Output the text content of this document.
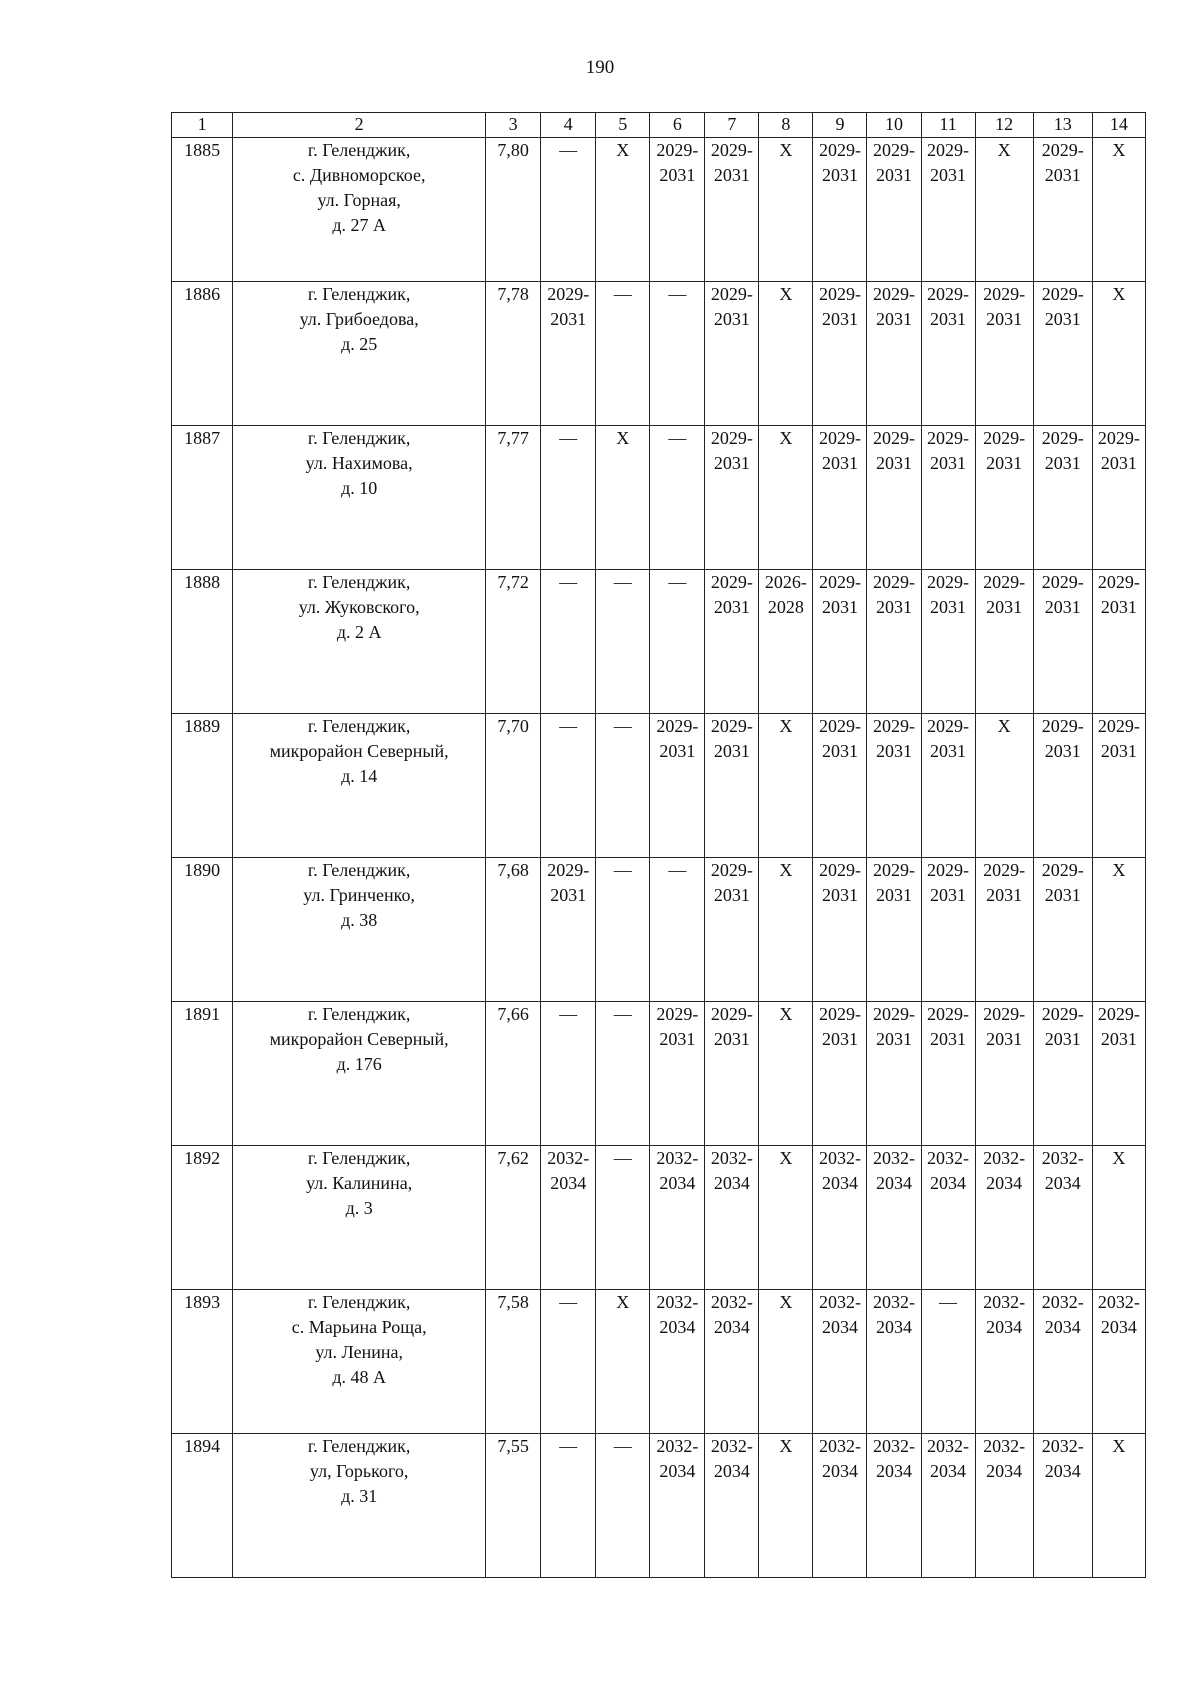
190
1	2	3	4	5	6	7	8	9	10	11	12	13	14
1885	г. Геленджик,
с. Дивноморское,
ул. Горная,
д. 27 А	7,80	—	X	2029-
2031	2029-
2031	X	2029-
2031	2029-
2031	2029-
2031	X	2029-
2031	X

1886	г. Геленджик,
ул. Грибоедова,
д. 25	7,78	2029-
2031	—	—	2029-
2031	X	2029-
2031	2029-
2031	2029-
2031	2029-
2031	2029-
2031	X

1887	г. Геленджик,
ул. Нахимова,
д. 10	7,77	—	X	—	2029-
2031	X	2029-
2031	2029-
2031	2029-
2031	2029-
2031	2029-
2031	2029-
2031

1888	г. Геленджик,
ул. Жуковского,
д. 2 А	7,72	—	—	—	2029-
2031	2026-
2028	2029-
2031	2029-
2031	2029-
2031	2029-
2031	2029-
2031	2029-
2031

1889	г. Геленджик,
микрорайон Северный,
д. 14	7,70	—	—	2029-
2031	2029-
2031	X	2029-
2031	2029-
2031	2029-
2031	X	2029-
2031	2029-
2031

1890	г. Геленджик,
ул. Гринченко,
д. 38	7,68	2029-
2031	—	—	2029-
2031	X	2029-
2031	2029-
2031	2029-
2031	2029-
2031	2029-
2031	X

1891	г. Геленджик,
микрорайон Северный,
д. 176	7,66	—	—	2029-
2031	2029-
2031	X	2029-
2031	2029-
2031	2029-
2031	2029-
2031	2029-
2031	2029-
2031

1892	г. Геленджик,
ул. Калинина,
д. 3	7,62	2032-
2034	—	2032-
2034	2032-
2034	X	2032-
2034	2032-
2034	2032-
2034	2032-
2034	2032-
2034	X

1893	г. Геленджик,
с. Марьина Роща,
ул. Ленина,
д. 48 А	7,58	—	X	2032-
2034	2032-
2034	X	2032-
2034	2032-
2034	—	2032-
2034	2032-
2034	2032-
2034

1894	г. Геленджик,
ул, Горького,
д. 31	7,55	—	—	2032-
2034	2032-
2034	X	2032-
2034	2032-
2034	2032-
2034	2032-
2034	2032-
2034	X
